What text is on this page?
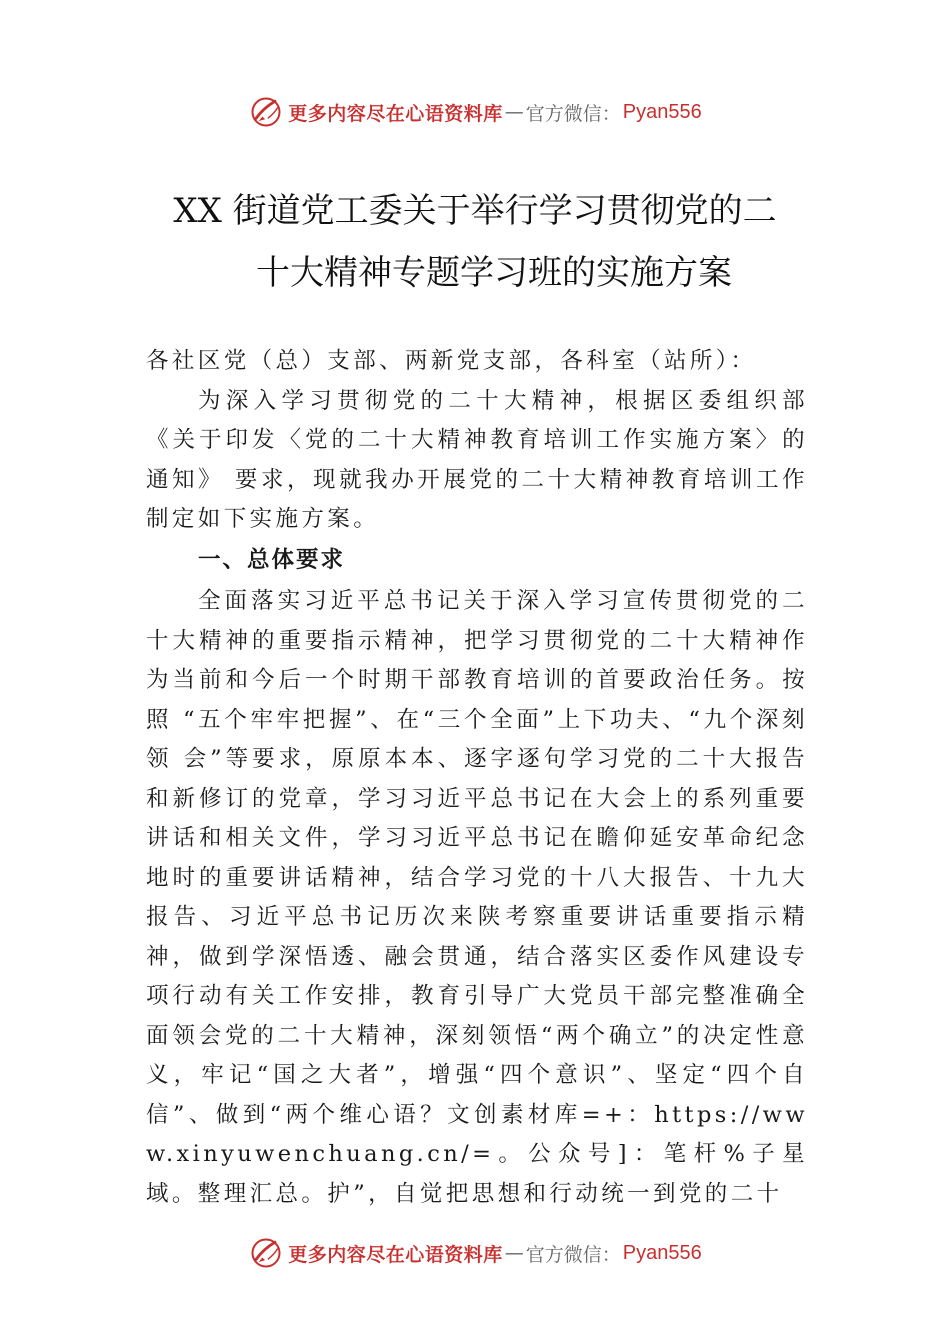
更多内容尽在心语资料库 — 官方微信： Pyan556
XX 街道党工委关于举行学习贯彻党的二
十大精神专题学习班的实施方案

各社区党（总）支部、两新党支部，各科室（站所）：

为深入学习贯彻党的二十大精神，根据区委组织部《关于印发〈党的二十大精神教育培训工作实施方案〉的通知》 要求，现就我办开展党的二十大精神教育培训工作制定如下实施方案。

一、总体要求

全面落实习近平总书记关于深入学习宣传贯彻党的二十大精神的重要指示精神，把学习贯彻党的二十大精神作为当前和今后一个时期干部教育培训的首要政治任务。按照 “五个牢牢把握”、在“三个全面”上下功夫、“九个深刻领 会”等要求，原原本本、逐字逐句学习党的二十大报告和新修订的党章，学习习近平总书记在大会上的系列重要讲话和相关文件，学习习近平总书记在瞻仰延安革命纪念地时的重要讲话精神，结合学习党的十八大报告、十九大报告、习近平总书记历次来陕考察重要讲话重要指示精神，做到学深悟透、融会贯通，结合落实区委作风建设专项行动有关工作安排，教育引导广大党员干部完整准确全面领会党的二十大精神，深刻领悟“两个确立”的决定性意义，牢记“国之大者”，增强“四个意识”、坚定“四个自信”、做到“两个维心语？文创素材库=+：https://www.xinyuwenchuang.cn/=。公众号]：笔杆%子星域。整理汇总。护”，自觉把思想和行动统一到党的二十

更多内容尽在心语资料库 — 官方微信： Pyan556
